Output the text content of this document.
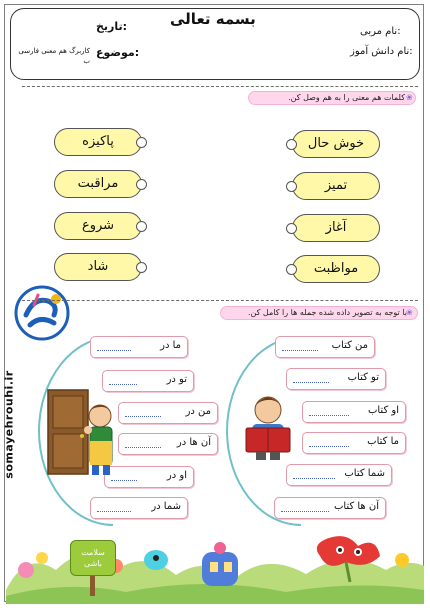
بسمه تعالی
تاریخ:	نام مربی:
موضوع:
کاربرگ هم معنی فارسی ب
نام دانش آموز:
کلمات هم معنی را به هم وصل کن. ❀
پاکیزه
مراقبت
شروع
شاد
خوش حال
تمیز
آغاز
مواظبت
با توجه به تصویر داده شده جمله ها را کامل کن. ❀
somayehrouhi.ir
ما در
تو در
من در
آن ها در
او در
شما در
من کتاب
تو کتاب
او کتاب
ما کتاب
شما کتاب
آن ها کتاب
سلامت باشی
